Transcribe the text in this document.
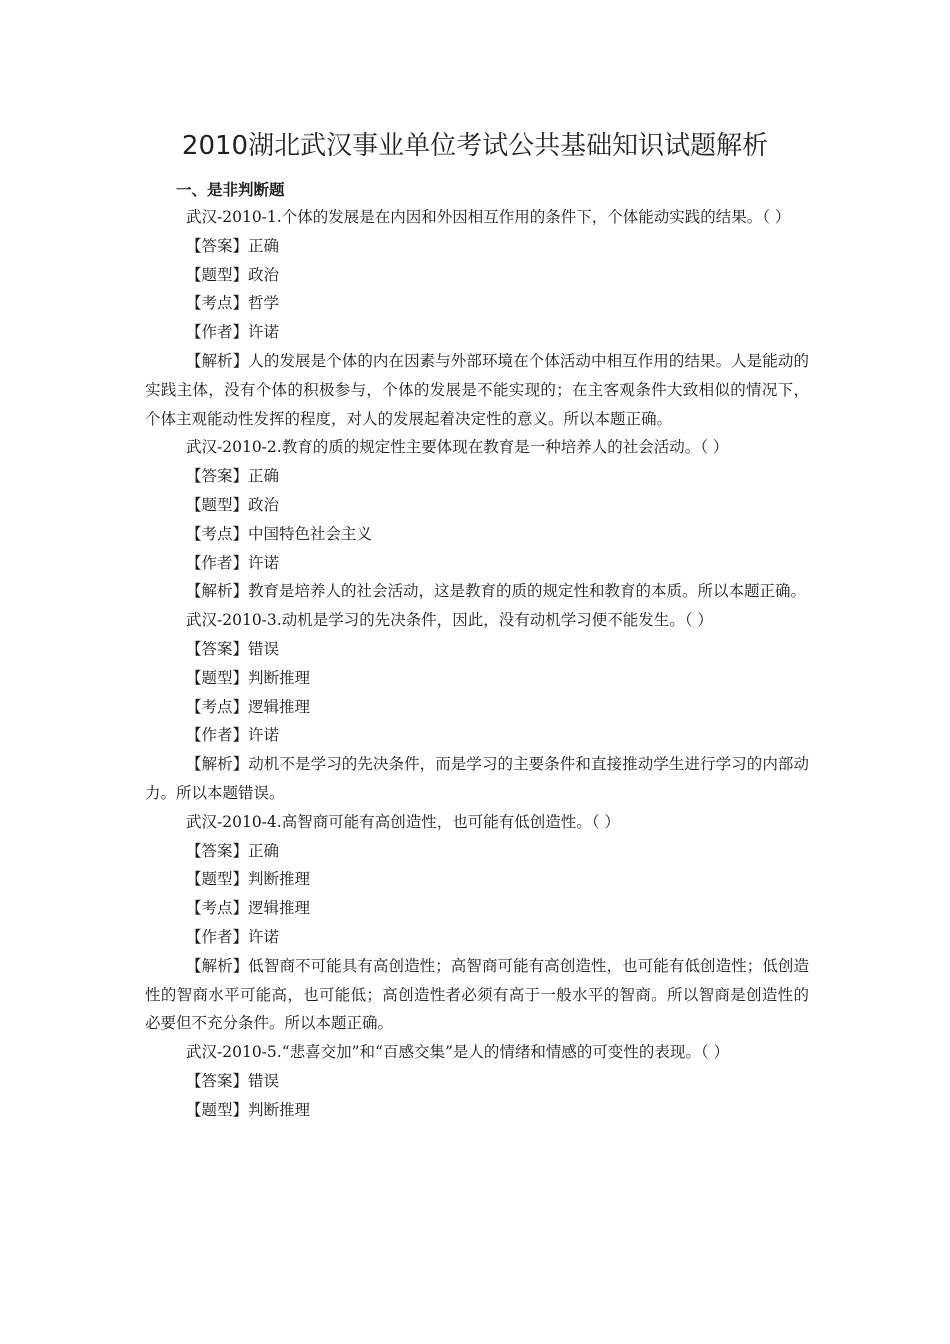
2010湖北武汉事业单位考试公共基础知识试题解析
一、是非判断题

武汉-2010-1.个体的发展是在内因和外因相互作用的条件下，个体能动实践的结果。（ ）

【答案】正确

【题型】政治

【考点】哲学

【作者】许诺

【解析】人的发展是个体的内在因素与外部环境在个体活动中相互作用的结果。人是能动的实践主体，没有个体的积极参与，个体的发展是不能实现的；在主客观条件大致相似的情况下，个体主观能动性发挥的程度，对人的发展起着决定性的意义。所以本题正确。

武汉-2010-2.教育的质的规定性主要体现在教育是一种培养人的社会活动。（ ）

【答案】正确

【题型】政治

【考点】中国特色社会主义

【作者】许诺

【解析】教育是培养人的社会活动，这是教育的质的规定性和教育的本质。所以本题正确。

武汉-2010-3.动机是学习的先决条件，因此，没有动机学习便不能发生。（ ）

【答案】错误

【题型】判断推理

【考点】逻辑推理

【作者】许诺

【解析】动机不是学习的先决条件，而是学习的主要条件和直接推动学生进行学习的内部动力。所以本题错误。

武汉-2010-4.高智商可能有高创造性，也可能有低创造性。（ ）

【答案】正确

【题型】判断推理

【考点】逻辑推理

【作者】许诺

【解析】低智商不可能具有高创造性；高智商可能有高创造性，也可能有低创造性；低创造性的智商水平可能高，也可能低；高创造性者必须有高于一般水平的智商。所以智商是创造性的必要但不充分条件。所以本题正确。

武汉-2010-5.“悲喜交加”和“百感交集”是人的情绪和情感的可变性的表现。（ ）

【答案】错误

【题型】判断推理
